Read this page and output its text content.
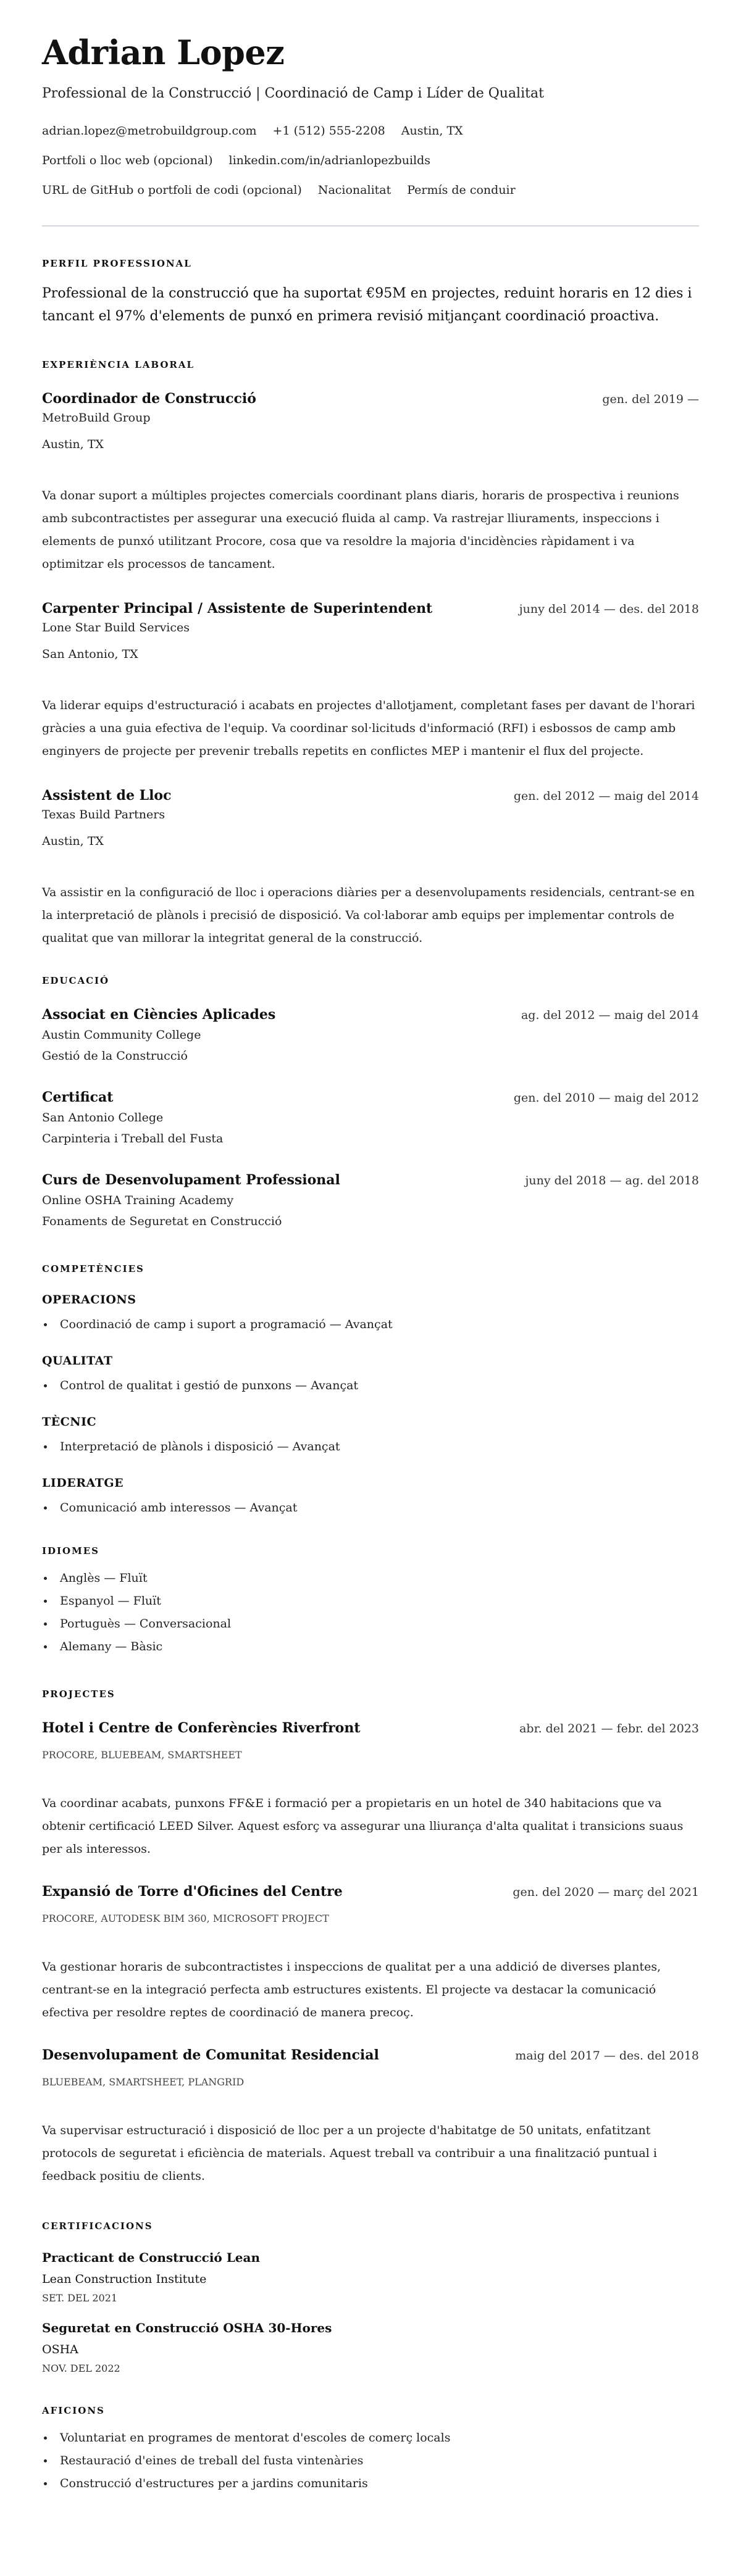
Adrian Lopez
Professional de la Construcció | Coordinació de Camp i Líder de Qualitat
adrian.lopez@metrobuildgroup.com +1 (512) 555-2208 Austin, TX
Portfoli o lloc web (opcional) linkedin.com/in/adrianlopezbuilds
URL de GitHub o portfoli de codi (opcional) Nacionalitat Permís de conduir
PERFIL PROFESSIONAL

Professional de la construcció que ha suportat €95M en projectes, reduint horaris en 12 dies i tancant el 97% d'elements de punxó en primera revisió mitjançant coordinació proactiva.

EXPERIÈNCIA LABORAL
Coordinador de Construcció	gen. del 2019 —
MetroBuild Group
Austin, TX

Va donar suport a múltiples projectes comercials coordinant plans diaris, horaris de prospectiva i reunions amb subcontractistes per assegurar una execució fluida al camp. Va rastrejar lliuraments, inspeccions i elements de punxó utilitzant Procore, cosa que va resoldre la majoria d'incidències ràpidament i va optimitzar els processos de tancament.

Carpenter Principal / Assistente de Superintendent	juny del 2014 — des. del 2018
Lone Star Build Services
San Antonio, TX

Va liderar equips d'estructuració i acabats en projectes d'allotjament, completant fases per davant de l'horari gràcies a una guia efectiva de l'equip. Va coordinar sol·licituds d'informació (RFI) i esbossos de camp amb enginyers de projecte per prevenir treballs repetits en conflictes MEP i mantenir el flux del projecte.

Assistent de Lloc	gen. del 2012 — maig del 2014
Texas Build Partners
Austin, TX

Va assistir en la configuració de lloc i operacions diàries per a desenvolupaments residencials, centrant-se en la interpretació de plànols i precisió de disposició. Va col·laborar amb equips per implementar controls de qualitat que van millorar la integritat general de la construcció.

EDUCACIÓ
Associat en Ciències Aplicades	ag. del 2012 — maig del 2014
Austin Community College
Gestió de la Construcció
Certificat	gen. del 2010 — maig del 2012
San Antonio College
Carpinteria i Treball del Fusta
Curs de Desenvolupament Professional	juny del 2018 — ag. del 2018
Online OSHA Training Academy
Fonaments de Seguretat en Construcció
COMPETÈNCIES
OPERACIONS
Coordinació de camp i suport a programació — Avançat
QUALITAT
Control de qualitat i gestió de punxons — Avançat
TÈCNIC
Interpretació de plànols i disposició — Avançat
LIDERATGE
Comunicació amb interessos — Avançat
IDIOMES
Anglès — Fluït
Espanyol — Fluït
Portuguès — Conversacional
Alemany — Bàsic
PROJECTES
Hotel i Centre de Conferències Riverfront	abr. del 2021 — febr. del 2023
PROCORE, BLUEBEAM, SMARTSHEET

Va coordinar acabats, punxons FF&E i formació per a propietaris en un hotel de 340 habitacions que va obtenir certificació LEED Silver. Aquest esforç va assegurar una lliurança d'alta qualitat i transicions suaus per als interessos.

Expansió de Torre d'Oficines del Centre	gen. del 2020 — març del 2021
PROCORE, AUTODESK BIM 360, MICROSOFT PROJECT

Va gestionar horaris de subcontractistes i inspeccions de qualitat per a una addició de diverses plantes, centrant-se en la integració perfecta amb estructures existents. El projecte va destacar la comunicació efectiva per resoldre reptes de coordinació de manera precoç.

Desenvolupament de Comunitat Residencial	maig del 2017 — des. del 2018
BLUEBEAM, SMARTSHEET, PLANGRID

Va supervisar estructuració i disposició de lloc per a un projecte d'habitatge de 50 unitats, enfatitzant protocols de seguretat i eficiència de materials. Aquest treball va contribuir a una finalització puntual i feedback positiu de clients.

CERTIFICACIONS
Practicant de Construcció Lean
Lean Construction Institute
SET. DEL 2021
Seguretat en Construcció OSHA 30-Hores
OSHA
NOV. DEL 2022
AFICIONS
Voluntariat en programes de mentorat d'escoles de comerç locals
Restauració d'eines de treball del fusta vintenàries
Construcció d'estructures per a jardins comunitaris
